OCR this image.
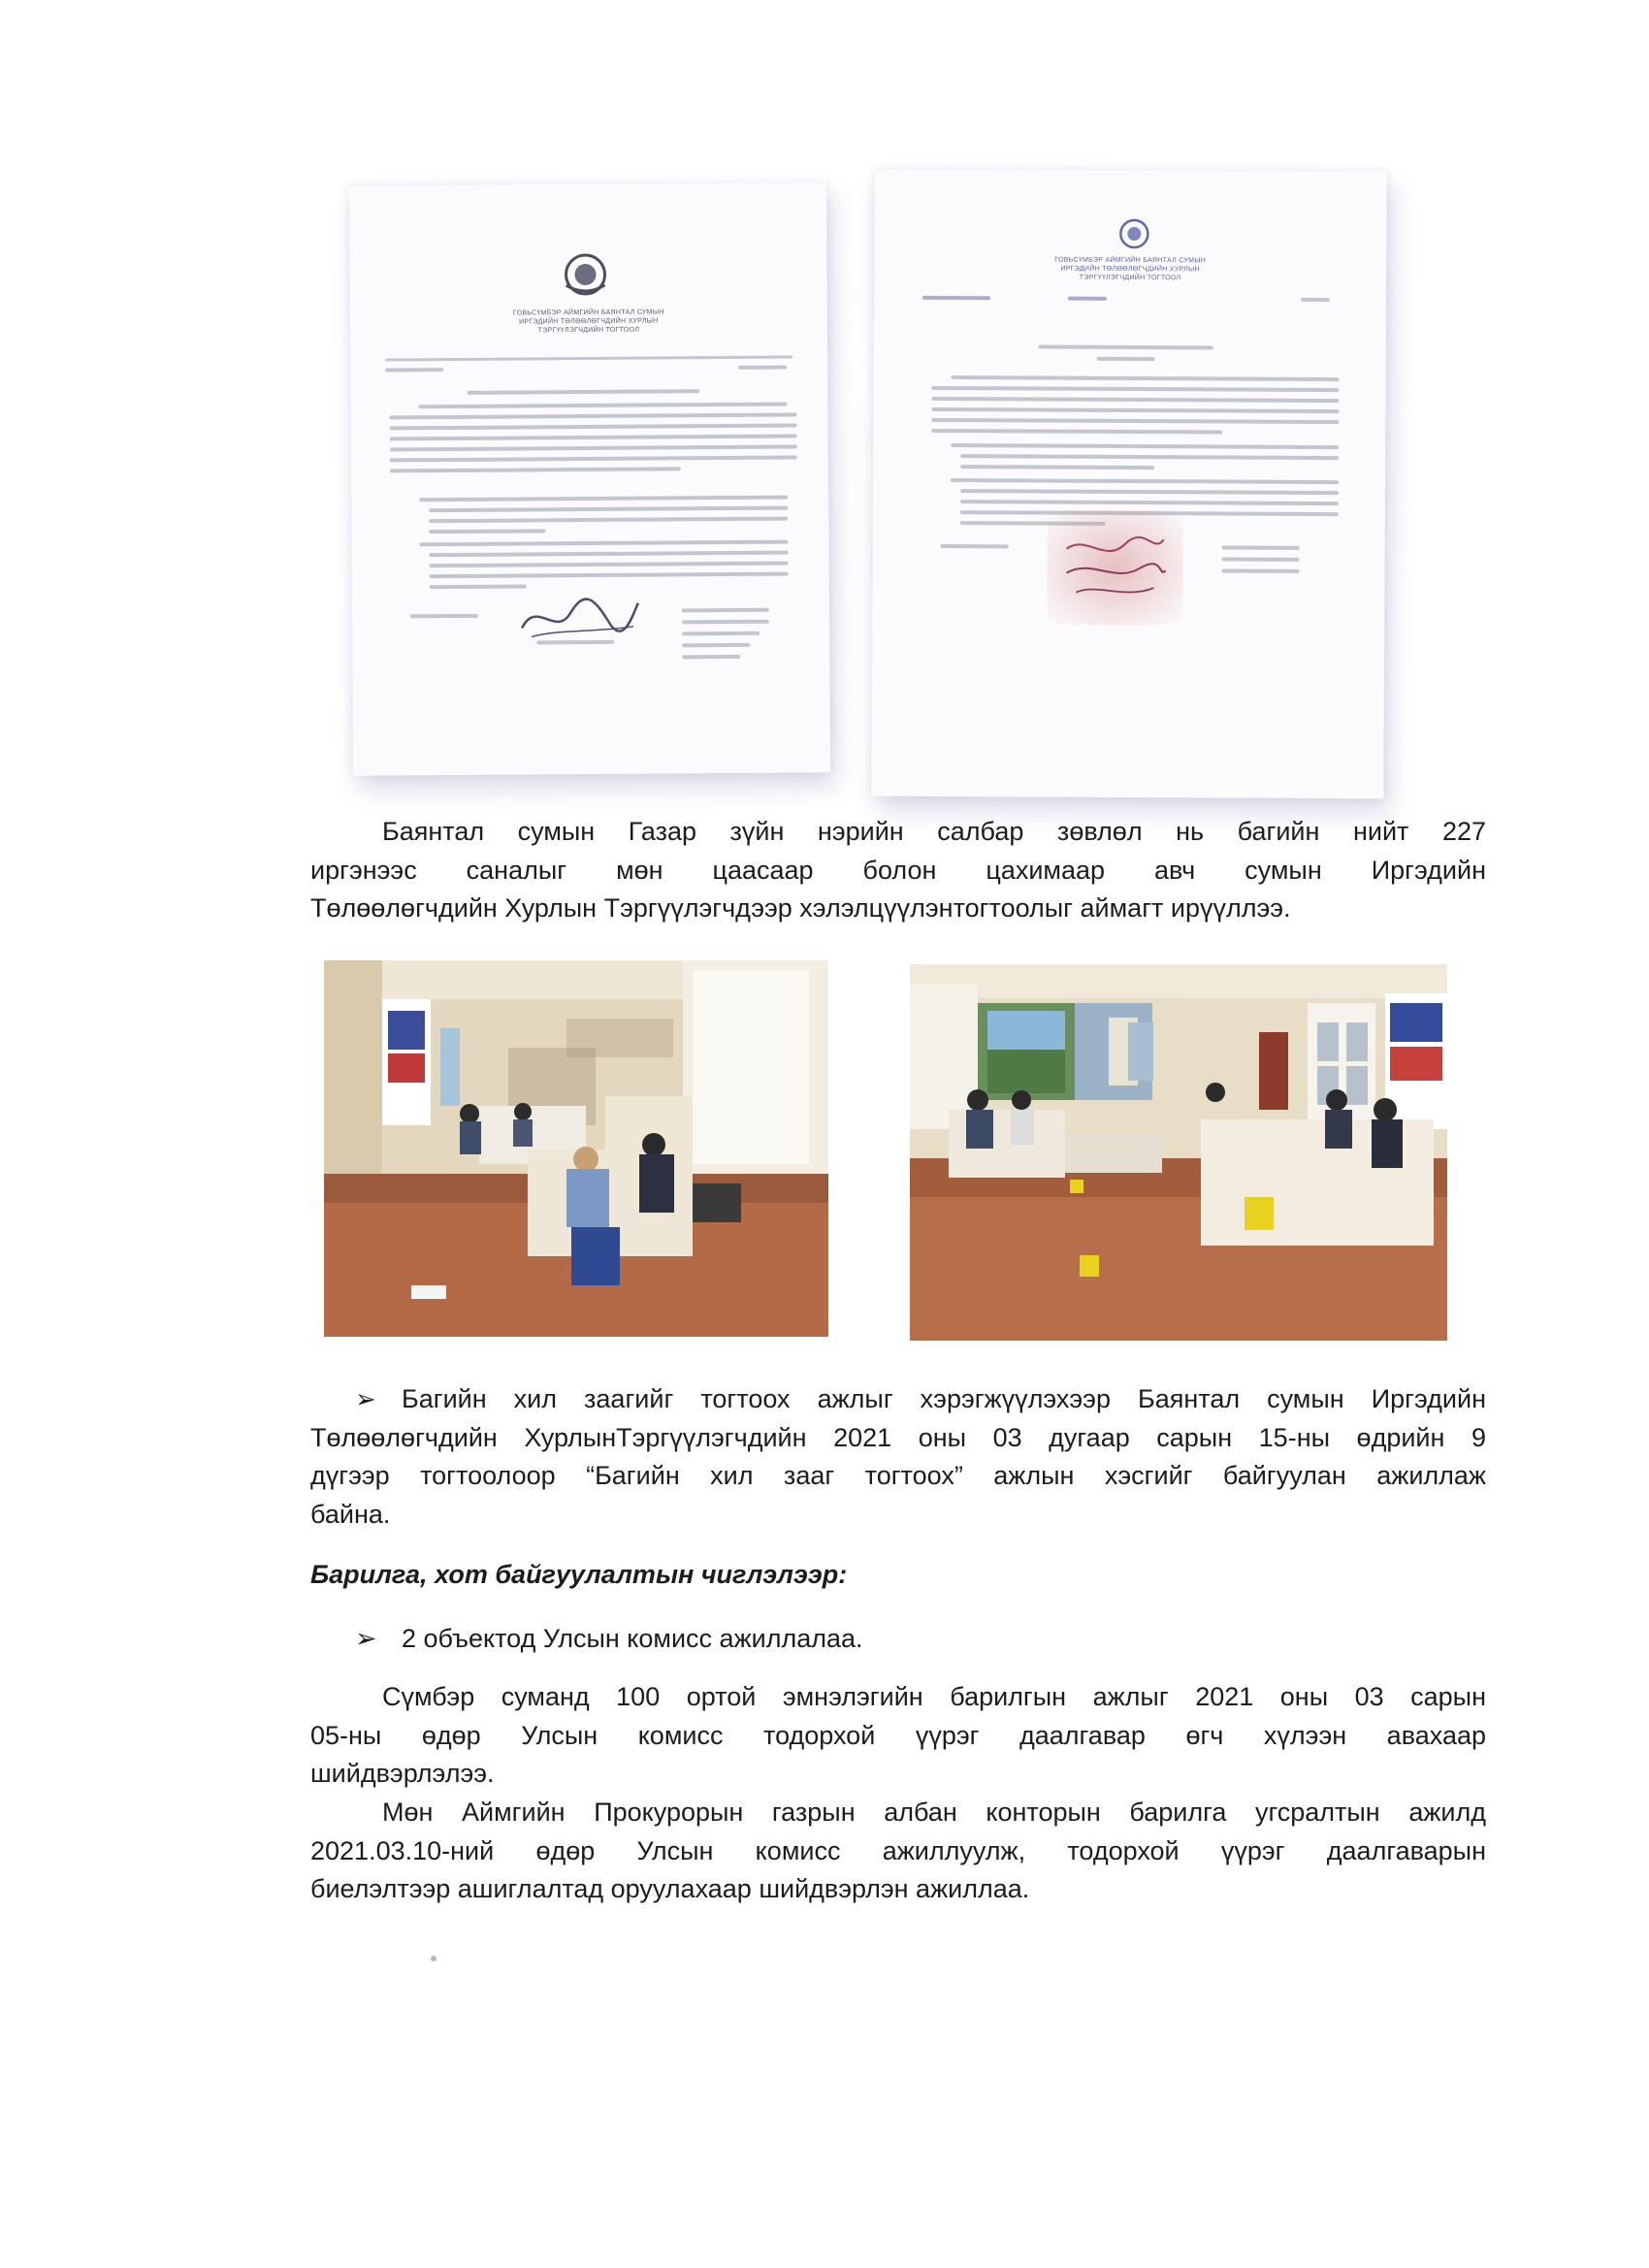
ГОВЬСҮМБЭР АЙМГИЙН БАЯНТАЛ СУМЫН
ИРГЭДИЙН ТӨЛӨӨЛӨГЧДИЙН ХУРЛЫН
ТЭРГҮҮЛЭГЧДИЙН ТОГТООЛ
ГОВЬСҮМБЭР АЙМГИЙН БАЯНТАЛ СУМЫН
ИРГЭДИЙН ТӨЛӨӨЛӨГЧДИЙН ХУРЛЫН
ТЭРГҮҮЛЭГЧДИЙН ТОГТООЛ
Баянтал сумын Газар зүйн нэрийн салбар зөвлөл нь багийн нийт 227
иргэнээс саналыг мөн цаасаар болон цахимаар авч сумын Иргэдийн
Төлөөлөгчдийн Хурлын Тэргүүлэгчдээр хэлэлцүүлэнтогтоолыг аймагт ирүүллээ.
➢ Багийн хил заагийг тогтоох ажлыг хэрэгжүүлэхээр Баянтал сумын Иргэдийн
Төлөөлөгчдийн ХурлынТэргүүлэгчдийн 2021 оны 03 дугаар сарын 15-ны өдрийн 9
дүгээр тогтоолоор “Багийн хил зааг тогтоох” ажлын хэсгийг байгуулан ажиллаж
байна.
Барилга, хот байгуулалтын чиглэлээр:
➢ 2 объектод Улсын комисс ажиллалаа.
Сүмбэр суманд 100 ортой эмнэлэгийн барилгын ажлыг 2021 оны 03 сарын
05-ны өдөр Улсын комисс тодорхой үүрэг даалгавар өгч хүлээн авахаар
шийдвэрлэлээ.
Мөн Аймгийн Прокурорын газрын албан конторын барилга угсралтын ажилд
2021.03.10-ний өдөр Улсын комисс ажиллуулж, тодорхой үүрэг даалгаварын
биелэлтээр ашиглалтад оруулахаар шийдвэрлэн ажиллаа.
